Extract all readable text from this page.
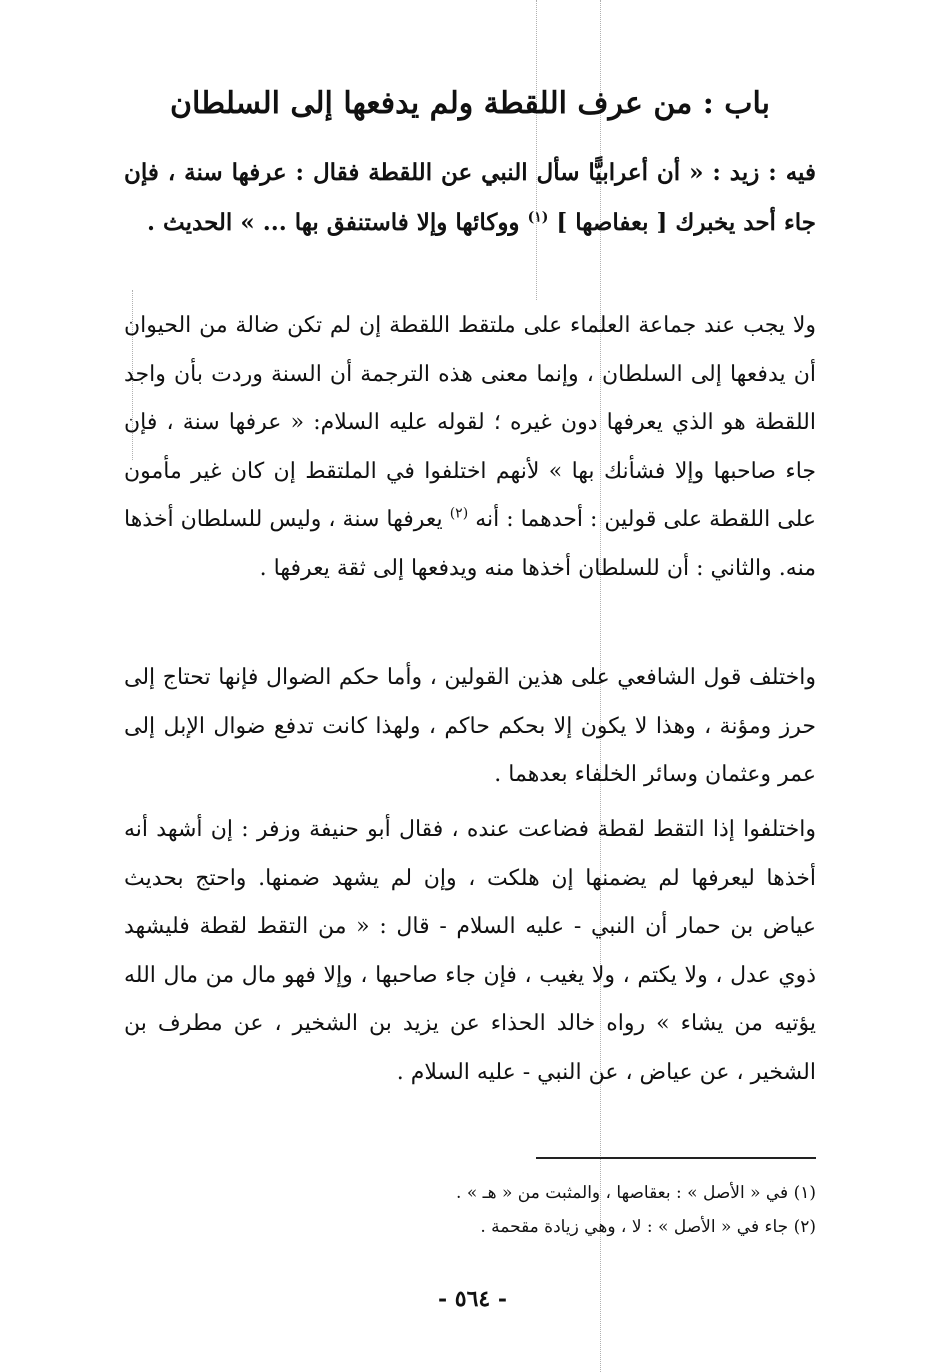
باب : من عرف اللقطة ولم يدفعها إلى السلطان
فيه : زيد : « أن أعرابيًّا سأل النبي عن اللقطة فقال : عرفها سنة ، فإن جاء أحد يخبرك [ بعفاصها ] $^{(١)}$ ووكائها وإلا فاستنفق بها ... » الحديث .
ولا يجب عند جماعة العلماء على ملتقط اللقطة إن لم تكن ضالة من الحيوان أن يدفعها إلى السلطان ، وإنما معنى هذه الترجمة أن السنة وردت بأن واجد اللقطة هو الذي يعرفها دون غيره ؛ لقوله عليه السلام: « عرفها سنة ، فإن جاء صاحبها وإلا فشأنك بها » لأنهم اختلفوا في الملتقط إن كان غير مأمون على اللقطة على قولين : أحدهما : أنه $^{(٢)}$ يعرفها سنة ، وليس للسلطان أخذها منه. والثاني : أن للسلطان أخذها منه ويدفعها إلى ثقة يعرفها .
واختلف قول الشافعي على هذين القولين ، وأما حكم الضوال فإنها تحتاج إلى حرز ومؤنة ، وهذا لا يكون إلا بحكم حاكم ، ولهذا كانت تدفع ضوال الإبل إلى عمر وعثمان وسائر الخلفاء بعدهما .
واختلفوا إذا التقط لقطة فضاعت عنده ، فقال أبو حنيفة وزفر : إن أشهد أنه أخذها ليعرفها لم يضمنها إن هلكت ، وإن لم يشهد ضمنها. واحتج بحديث عياض بن حمار أن النبي - عليه السلام - قال : « من التقط لقطة فليشهد ذوي عدل ، ولا يكتم ، ولا يغيب ، فإن جاء صاحبها ، وإلا فهو مال من مال الله يؤتيه من يشاء » رواه خالد الحذاء عن يزيد بن الشخير ، عن مطرف بن الشخير ، عن عياض ، عن النبي - عليه السلام .
(١) في « الأصل » : بعقاصها ، والمثبت من « هـ » .
(٢) جاء في « الأصل » : لا ، وهي زيادة مقحمة .
- ٥٦٤ -
